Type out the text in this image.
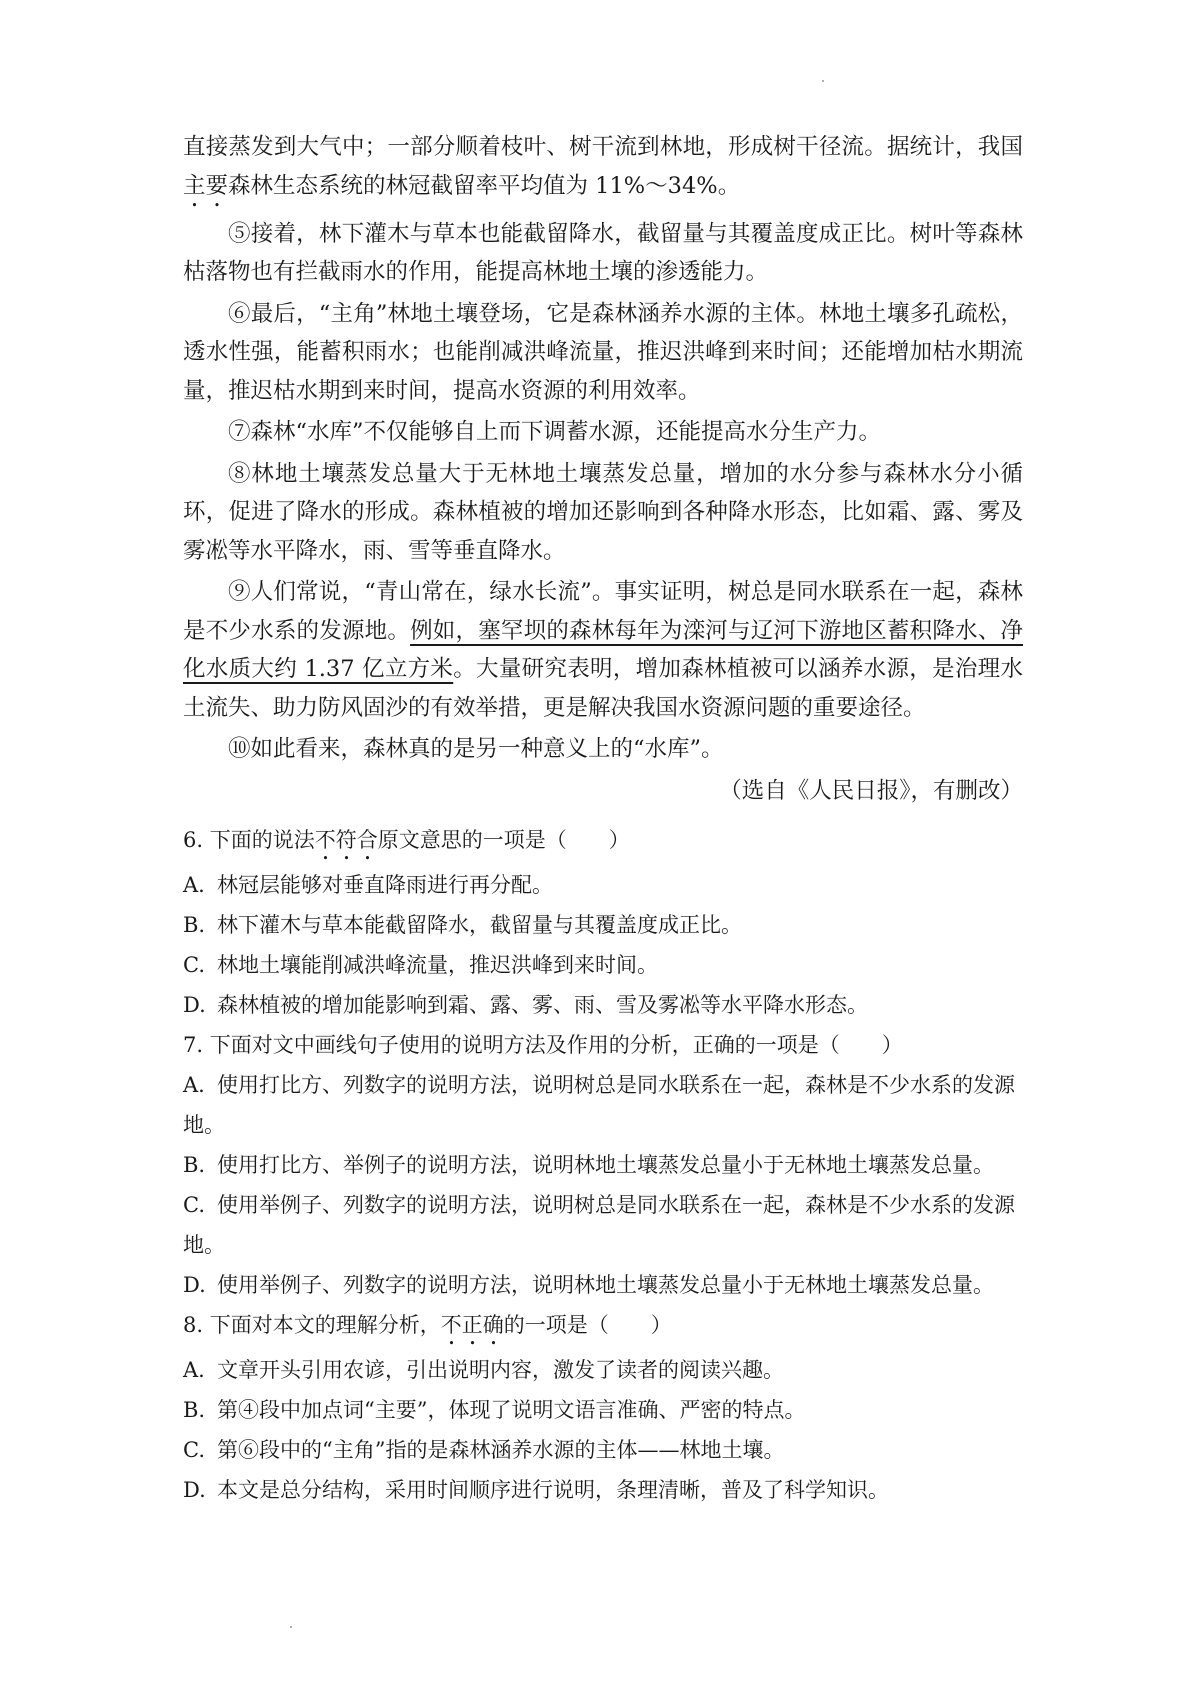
直接蒸发到大气中；一部分顺着枝叶、树干流到林地，形成树干径流。据统计，我国主要森林生态系统的林冠截留率平均值为 11%～34%。

⑤接着，林下灌木与草本也能截留降水，截留量与其覆盖度成正比。树叶等森林枯落物也有拦截雨水的作用，能提高林地土壤的渗透能力。

⑥最后，“主角”林地土壤登场，它是森林涵养水源的主体。林地土壤多孔疏松，透水性强，能蓄积雨水；也能削减洪峰流量，推迟洪峰到来时间；还能增加枯水期流量，推迟枯水期到来时间，提高水资源的利用效率。

⑦森林“水库”不仅能够自上而下调蓄水源，还能提高水分生产力。

⑧林地土壤蒸发总量大于无林地土壤蒸发总量，增加的水分参与森林水分小循环，促进了降水的形成。森林植被的增加还影响到各种降水形态，比如霜、露、雾及雾凇等水平降水，雨、雪等垂直降水。

⑨人们常说，“青山常在，绿水长流”。事实证明，树总是同水联系在一起，森林是不少水系的发源地。例如，塞罕坝的森林每年为滦河与辽河下游地区蓄积降水、净化水质大约 1.37 亿立方米。大量研究表明，增加森林植被可以涵养水源，是治理水土流失、助力防风固沙的有效举措，更是解决我国水资源问题的重要途径。

⑩如此看来，森林真的是另一种意义上的“水库”。

（选自《人民日报》，有删改）

6. 下面的说法不符合原文意思的一项是（　　）

A. 林冠层能够对垂直降雨进行再分配。

B. 林下灌木与草本能截留降水，截留量与其覆盖度成正比。

C. 林地土壤能削减洪峰流量，推迟洪峰到来时间。

D. 森林植被的增加能影响到霜、露、雾、雨、雪及雾凇等水平降水形态。

7. 下面对文中画线句子使用的说明方法及作用的分析，正确的一项是（　　）

A. 使用打比方、列数字的说明方法，说明树总是同水联系在一起，森林是不少水系的发源地。

B. 使用打比方、举例子的说明方法，说明林地土壤蒸发总量小于无林地土壤蒸发总量。

C. 使用举例子、列数字的说明方法，说明树总是同水联系在一起，森林是不少水系的发源地。

D. 使用举例子、列数字的说明方法，说明林地土壤蒸发总量小于无林地土壤蒸发总量。

8. 下面对本文的理解分析，不正确的一项是（　　）

A. 文章开头引用农谚，引出说明内容，激发了读者的阅读兴趣。

B. 第④段中加点词“主要”，体现了说明文语言准确、严密的特点。

C. 第⑥段中的“主角”指的是森林涵养水源的主体——林地土壤。

D. 本文是总分结构，采用时间顺序进行说明，条理清晰，普及了科学知识。
